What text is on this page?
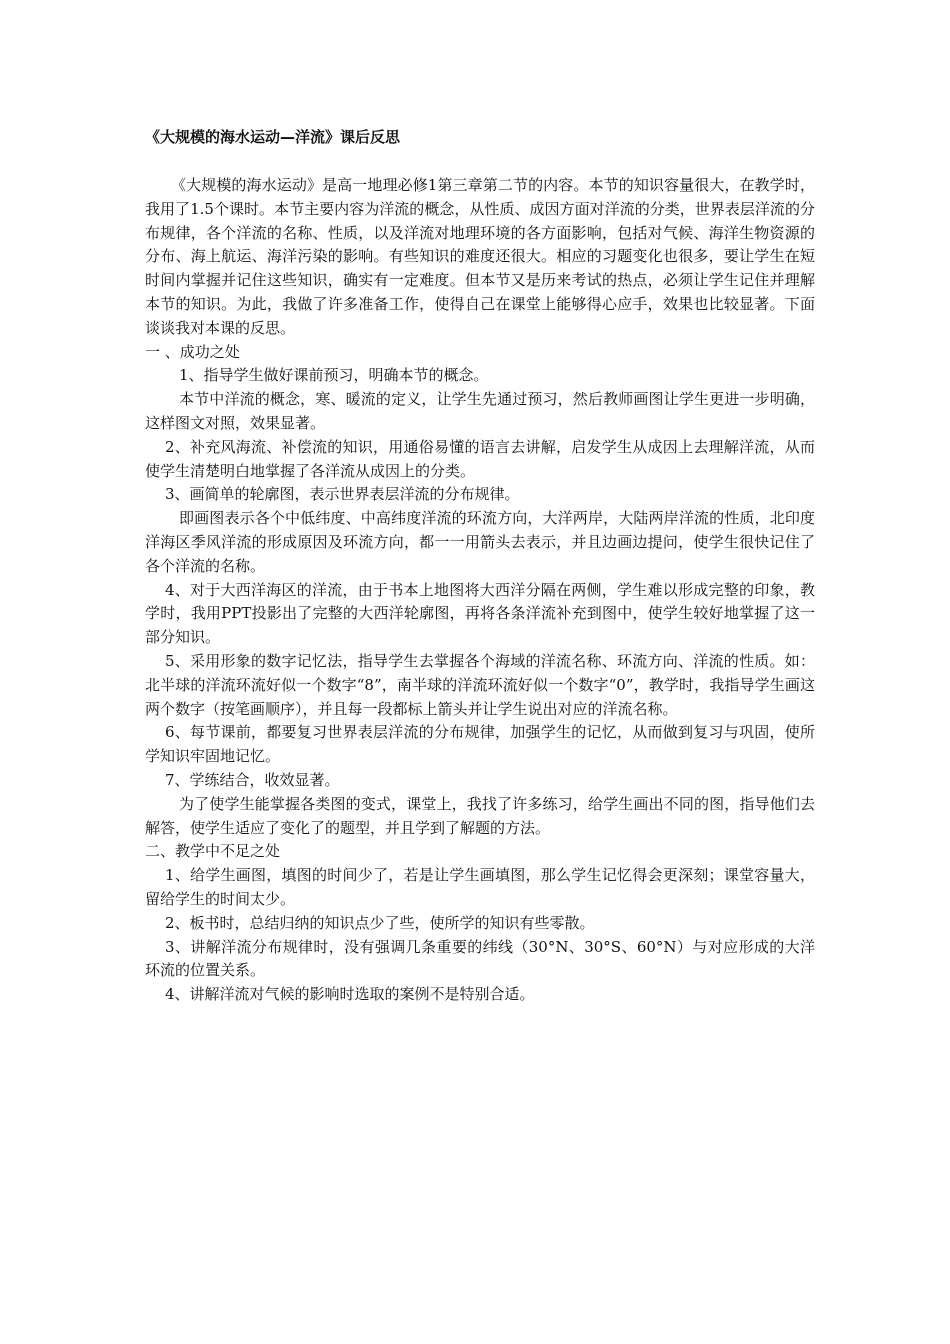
《大规模的海水运动—洋流》课后反思

《大规模的海水运动》是高一地理必修1第三章第二节的内容。本节的知识容量很大，在教学时，我用了1.5个课时。本节主要内容为洋流的概念，从性质、成因方面对洋流的分类，世界表层洋流的分布规律，各个洋流的名称、性质，以及洋流对地理环境的各方面影响，包括对气候、海洋生物资源的分布、海上航运、海洋污染的影响。有些知识的难度还很大。相应的习题变化也很多，要让学生在短时间内掌握并记住这些知识，确实有一定难度。但本节又是历来考试的热点，必须让学生记住并理解本节的知识。为此，我做了许多准备工作，使得自己在课堂上能够得心应手，效果也比较显著。下面谈谈我对本课的反思。

一 、成功之处

1、指导学生做好课前预习，明确本节的概念。

本节中洋流的概念，寒、暖流的定义，让学生先通过预习，然后教师画图让学生更进一步明确，这样图文对照，效果显著。

2、补充风海流、补偿流的知识，用通俗易懂的语言去讲解，启发学生从成因上去理解洋流，从而使学生清楚明白地掌握了各洋流从成因上的分类。

3、画简单的轮廓图，表示世界表层洋流的分布规律。

即画图表示各个中低纬度、中高纬度洋流的环流方向，大洋两岸，大陆两岸洋流的性质，北印度洋海区季风洋流的形成原因及环流方向，都一一用箭头去表示，并且边画边提问，使学生很快记住了各个洋流的名称。

4、对于大西洋海区的洋流，由于书本上地图将大西洋分隔在两侧，学生难以形成完整的印象，教学时，我用PPT投影出了完整的大西洋轮廓图，再将各条洋流补充到图中，使学生较好地掌握了这一部分知识。

5、采用形象的数字记忆法，指导学生去掌握各个海域的洋流名称、环流方向、洋流的性质。如：北半球的洋流环流好似一个数字“8”，南半球的洋流环流好似一个数字“0”，教学时，我指导学生画这两个数字（按笔画顺序），并且每一段都标上箭头并让学生说出对应的洋流名称。

6、每节课前，都要复习世界表层洋流的分布规律，加强学生的记忆，从而做到复习与巩固，使所学知识牢固地记忆。

7、学练结合，收效显著。

为了使学生能掌握各类图的变式，课堂上，我找了许多练习，给学生画出不同的图，指导他们去解答，使学生适应了变化了的题型，并且学到了解题的方法。

二、教学中不足之处

1、给学生画图，填图的时间少了，若是让学生画填图，那么学生记忆得会更深刻；课堂容量大，留给学生的时间太少。

2、板书时，总结归纳的知识点少了些，使所学的知识有些零散。

3、讲解洋流分布规律时，没有强调几条重要的纬线（30°N、30°S、60°N）与对应形成的大洋环流的位置关系。

4、讲解洋流对气候的影响时选取的案例不是特别合适。
